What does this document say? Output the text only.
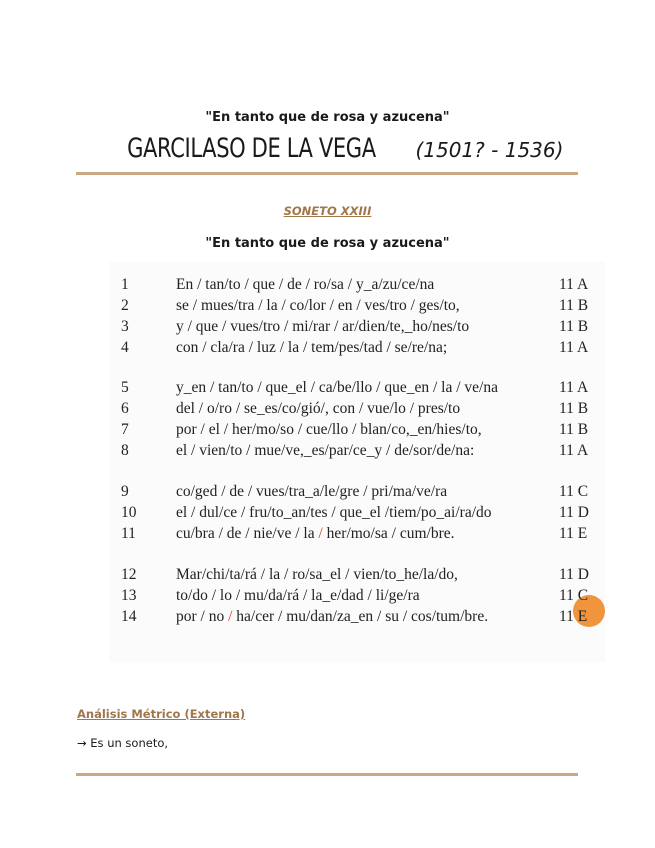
"En tanto que de rosa y azucena"
GARCILASO DE LA VEGA (1501? - 1536)
SONETO XXIII
"En tanto que de rosa y azucena"
1	En / tan/to / que / de / ro/sa / y_a/zu/ce/na	11 A
2	se / mues/tra / la / co/lor / en / ves/tro / ges/to,	11 B
3	y / que / vues/tro / mi/rar / ar/dien/te,_ho/nes/to	11 B
4	con / cla/ra / luz / la / tem/pes/tad / se/re/na;	11 A
5	y_en / tan/to / que_el / ca/be/llo / que_en / la / ve/na	11 A
6	del / o/ro / se_es/co/gió/, con / vue/lo / pres/to	11 B
7	por / el / her/mo/so / cue/llo / blan/co,_en/hies/to,	11 B
8	el / vien/to / mue/ve,_es/par/ce_y / de/sor/de/na:	11 A
9	co/ged / de / vues/tra_a/le/gre / pri/ma/ve/ra	11 C
10	el / dul/ce / fru/to_an/tes / que_el /tiem/po_ai/ra/do	11 D
11	cu/bra / de / nie/ve / la / her/mo/sa / cum/bre.	11 E
12	Mar/chi/ta/rá / la / ro/sa_el / vien/to_he/la/do,	11 D
13	to/do / lo / mu/da/rá / la_e/dad / li/ge/ra	11 C
14	por / no / ha/cer / mu/dan/za_en / su / cos/tum/bre.	11 E
Análisis Métrico (Externa)
→ Es un soneto,
